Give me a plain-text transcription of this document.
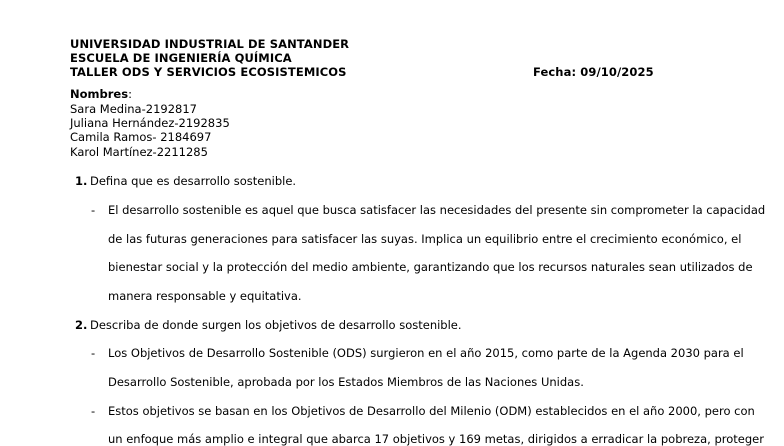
UNIVERSIDAD INDUSTRIAL DE SANTANDER
ESCUELA DE INGENIERÍA QUÍMICA
TALLER ODS Y SERVICIOS ECOSISTEMICOS	Fecha: 09/10/2025
Nombres:
Sara Medina-2192817
Juliana Hernández-2192835
Camila Ramos- 2184697
Karol Martínez-2211285
1. Defina que es desarrollo sostenible.
- El desarrollo sostenible es aquel que busca satisfacer las necesidades del presente sin comprometer la capacidad
de las futuras generaciones para satisfacer las suyas. Implica un equilibrio entre el crecimiento económico, el
bienestar social y la protección del medio ambiente, garantizando que los recursos naturales sean utilizados de
manera responsable y equitativa.
2. Describa de donde surgen los objetivos de desarrollo sostenible.
- Los Objetivos de Desarrollo Sostenible (ODS) surgieron en el año 2015, como parte de la Agenda 2030 para el
Desarrollo Sostenible, aprobada por los Estados Miembros de las Naciones Unidas.
- Estos objetivos se basan en los Objetivos de Desarrollo del Milenio (ODM) establecidos en el año 2000, pero con
un enfoque más amplio e integral que abarca 17 objetivos y 169 metas, dirigidos a erradicar la pobreza, proteger
